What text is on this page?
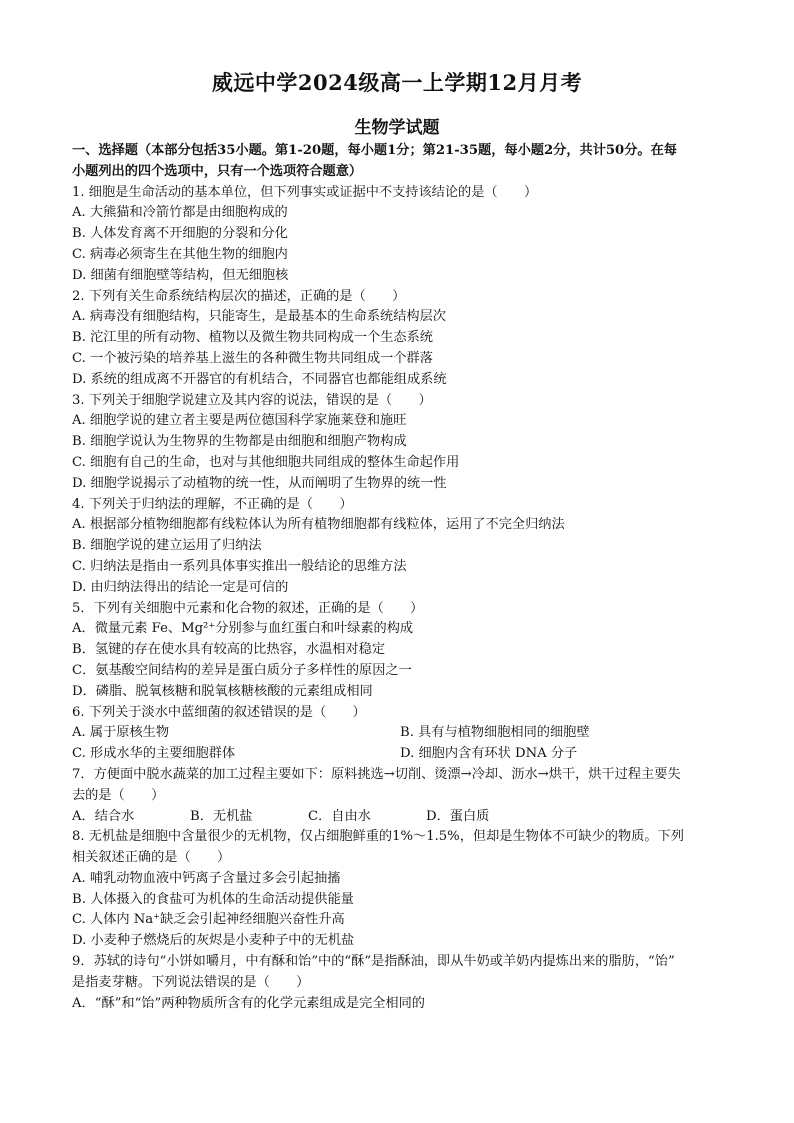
威远中学2024级高一上学期12月月考
生物学试题
一、选择题（本部分包括35小题。第1-20题，每小题1分；第21-35题，每小题2分，共计50分。在每
小题列出的四个选项中，只有一个选项符合题意）
1. 细胞是生命活动的基本单位，但下列事实或证据中不支持该结论的是（　　）
A. 大熊猫和冷箭竹都是由细胞构成的
B. 人体发育离不开细胞的分裂和分化
C. 病毒必须寄生在其他生物的细胞内
D. 细菌有细胞壁等结构，但无细胞核
2. 下列有关生命系统结构层次的描述，正确的是（　　）
A. 病毒没有细胞结构，只能寄生，是最基本的生命系统结构层次
B. 沱江里的所有动物、植物以及微生物共同构成一个生态系统
C. 一个被污染的培养基上滋生的各种微生物共同组成一个群落
D. 系统的组成离不开器官的有机结合，不同器官也都能组成系统
3. 下列关于细胞学说建立及其内容的说法，错误的是（　　）
A. 细胞学说的建立者主要是两位德国科学家施莱登和施旺
B. 细胞学说认为生物界的生物都是由细胞和细胞产物构成
C. 细胞有自己的生命，也对与其他细胞共同组成的整体生命起作用
D. 细胞学说揭示了动植物的统一性，从而阐明了生物界的统一性
4. 下列关于归纳法的理解，不正确的是（　　）
A. 根据部分植物细胞都有线粒体认为所有植物细胞都有线粒体，运用了不完全归纳法
B. 细胞学说的建立运用了归纳法
C. 归纳法是指由一系列具体事实推出一般结论的思维方法
D. 由归纳法得出的结论一定是可信的
5．下列有关细胞中元素和化合物的叙述，正确的是（　　）
A．微量元素 Fe、Mg²⁺分别参与血红蛋白和叶绿素的构成
B．氢键的存在使水具有较高的比热容，水温相对稳定
C．氨基酸空间结构的差异是蛋白质分子多样性的原因之一
D．磷脂、脱氧核糖和脱氧核糖核酸的元素组成相同
6. 下列关于淡水中蓝细菌的叙述错误的是（　　）
A. 属于原核生物	B. 具有与植物细胞相同的细胞壁
C. 形成水华的主要细胞群体	D. 细胞内含有环状 DNA 分子
7．方便面中脱水蔬菜的加工过程主要如下：原料挑选→切削、烫漂→冷却、沥水→烘干，烘干过程主要失
去的是（　　）
A．结合水	B．无机盐	C．自由水	D．蛋白质
8. 无机盐是细胞中含量很少的无机物，仅占细胞鲜重的1%～1.5%，但却是生物体不可缺少的物质。下列
相关叙述正确的是（　　）
A. 哺乳动物血液中钙离子含量过多会引起抽搐
B. 人体摄入的食盐可为机体的生命活动提供能量
C. 人体内 Na⁺缺乏会引起神经细胞兴奋性升高
D. 小麦种子燃烧后的灰烬是小麦种子中的无机盐
9．苏轼的诗句“小饼如嚼月，中有酥和饴”中的“酥”是指酥油，即从牛奶或羊奶内提炼出来的脂肪，“饴”
是指麦芽糖。下列说法错误的是（　　）
A．“酥”和“饴”两种物质所含有的化学元素组成是完全相同的
